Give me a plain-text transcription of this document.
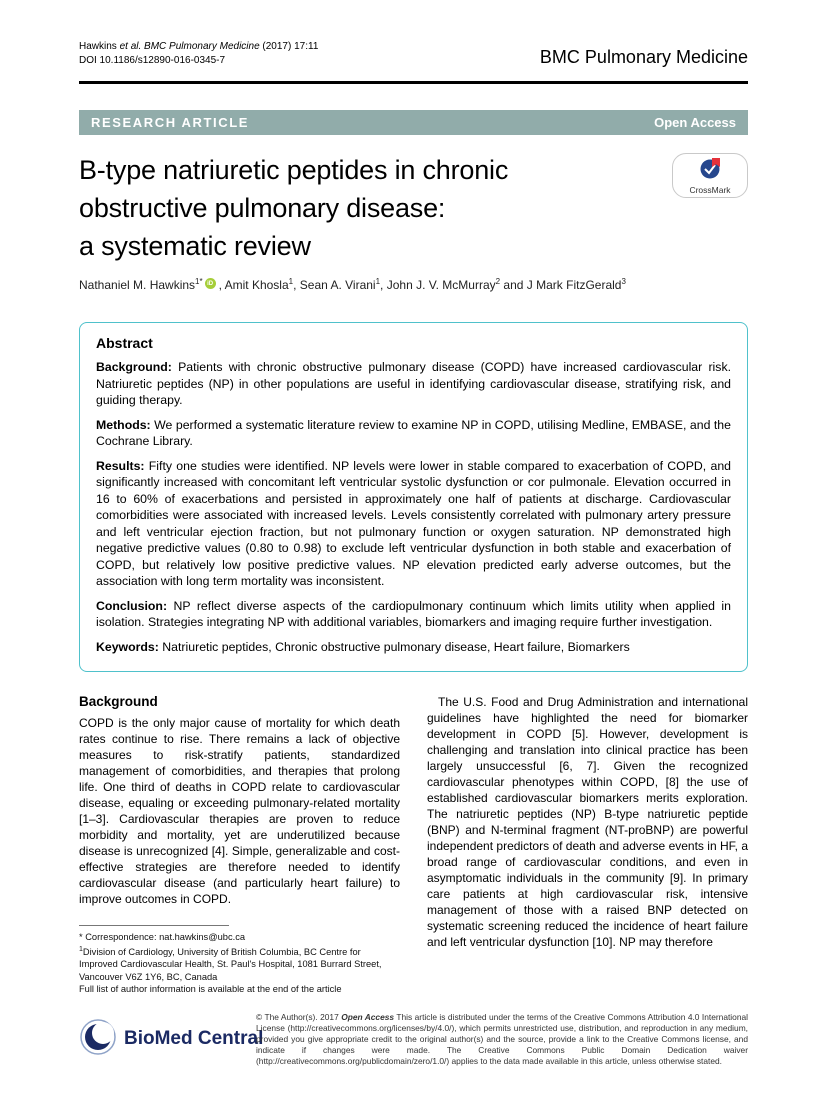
Hawkins et al. BMC Pulmonary Medicine (2017) 17:11
DOI 10.1186/s12890-016-0345-7	BMC Pulmonary Medicine
RESEARCH ARTICLE	Open Access
B-type natriuretic peptides in chronic
obstructive pulmonary disease:
a systematic review
CrossMark
Nathaniel M. Hawkins$^{1*}$ iD , Amit Khosla$^1$, Sean A. Virani$^1$, John J. V. McMurray$^2$ and J Mark FitzGerald$^3$
Abstract

Background: Patients with chronic obstructive pulmonary disease (COPD) have increased cardiovascular risk. Natriuretic peptides (NP) in other populations are useful in identifying cardiovascular disease, stratifying risk, and guiding therapy.

Methods: We performed a systematic literature review to examine NP in COPD, utilising Medline, EMBASE, and the Cochrane Library.

Results: Fifty one studies were identified. NP levels were lower in stable compared to exacerbation of COPD, and significantly increased with concomitant left ventricular systolic dysfunction or cor pulmonale. Elevation occurred in 16 to 60% of exacerbations and persisted in approximately one half of patients at discharge. Cardiovascular comorbidities were associated with increased levels. Levels consistently correlated with pulmonary artery pressure and left ventricular ejection fraction, but not pulmonary function or oxygen saturation. NP demonstrated high negative predictive values (0.80 to 0.98) to exclude left ventricular dysfunction in both stable and exacerbation of COPD, but relatively low positive predictive values. NP elevation predicted early adverse outcomes, but the association with long term mortality was inconsistent.

Conclusion: NP reflect diverse aspects of the cardiopulmonary continuum which limits utility when applied in isolation. Strategies integrating NP with additional variables, biomarkers and imaging require further investigation.

Keywords: Natriuretic peptides, Chronic obstructive pulmonary disease, Heart failure, Biomarkers

Background

COPD is the only major cause of mortality for which death rates continue to rise. There remains a lack of objective measures to risk-stratify patients, standardized management of comorbidities, and therapies that prolong life. One third of deaths in COPD relate to cardiovascular disease, equaling or exceeding pulmonary-related mortality [1–3]. Cardiovascular therapies are proven to reduce morbidity and mortality, yet are underutilized because disease is unrecognized [4]. Simple, generalizable and cost-effective strategies are therefore needed to identify cardiovascular disease (and particularly heart failure) to improve outcomes in COPD.

* Correspondence: nat.hawkins@ubc.ca
$^1$Division of Cardiology, University of British Columbia, BC Centre for Improved Cardiovascular Health, St. Paul's Hospital, 1081 Burrard Street, Vancouver V6Z 1Y6, BC, Canada
Full list of author information is available at the end of the article

The U.S. Food and Drug Administration and international guidelines have highlighted the need for biomarker development in COPD [5]. However, development is challenging and translation into clinical practice has been largely unsuccessful [6, 7]. Given the recognized cardiovascular phenotypes within COPD, [8] the use of established cardiovascular biomarkers merits exploration. The natriuretic peptides (NP) B-type natriuretic peptide (BNP) and N-terminal fragment (NT-proBNP) are powerful independent predictors of death and adverse events in HF, a broad range of cardiovascular conditions, and even in asymptomatic individuals in the community [9]. In primary care patients at high cardiovascular risk, intensive management of those with a raised BNP detected on systematic screening reduced the incidence of heart failure and left ventricular dysfunction [10]. NP may therefore

BioMed Central

© The Author(s). 2017 Open Access This article is distributed under the terms of the Creative Commons Attribution 4.0 International License (http://creativecommons.org/licenses/by/4.0/), which permits unrestricted use, distribution, and reproduction in any medium, provided you give appropriate credit to the original author(s) and the source, provide a link to the Creative Commons license, and indicate if changes were made. The Creative Commons Public Domain Dedication waiver (http://creativecommons.org/publicdomain/zero/1.0/) applies to the data made available in this article, unless otherwise stated.
